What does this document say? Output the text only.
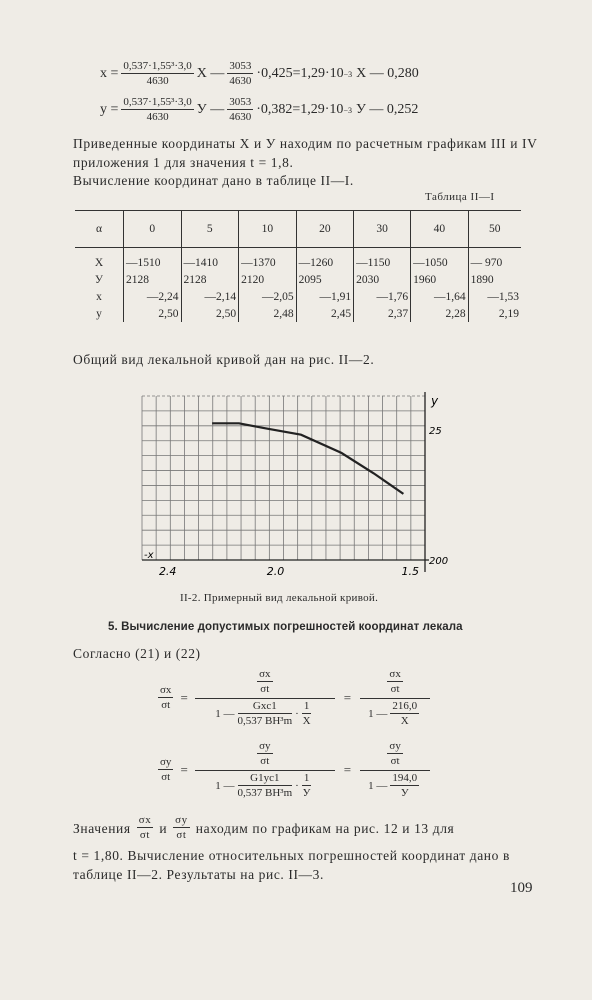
$x = \frac{\text{0,537·1,55³·3,0}}{4630}$ X — $\frac{3053}{4630} \cdot 0,425=1,29\cdot 10 -3$ X — 0,280
$y = \frac{\text{0,537·1,55³·3,0}}{4630}$ У — $\frac{3053}{4630} \cdot 0,382=1,29\cdot 10 -3$ У — 0,252
Приведенные координаты X и У находим по расчетным графикам III и IV приложения 1 для значения t = 1,8.
Вычисление координат дано в таблице II—I.
Таблица II—I
α	0	5	10	20	30	40	50

X	—1510	—1410	—1370	—1260	—1150	—1050	— 970
У	2128	2128	2120	2095	2030	1960	1890
x	—2,24	—2,14	—2,05	—1,91	—1,76	—1,64	—1,53
y	2,50	2,50	2,48	2,45	2,37	2,28	2,19
Общий вид лекальной кривой дан на рис. II—2.
y
-x
25
200
2.4	2.0	1.5
II-2. Примерный вид лекальной кривой.
5. Вычисление допустимых погрешностей координат лекала
Согласно (21) и (22)
$\frac{\sigma x}{\sigma t}$ =
$\frac{\sigma x}{\sigma t}$
1 — $\frac{\text{Gxc1}}{\text{0,537 BH³m}} \cdot \frac{1}{X}$
= $\frac{\frac{\sigma x}{\sigma t}}{1 — \frac{216,0}{X}}$
$\frac{\sigma y}{\sigma t}$ =
$\frac{\sigma y}{\sigma t}$
1 — $\frac{G1yc1}{\text{0,537 BH³m}} \cdot \frac{1}{У}$
= $\frac{\frac{\sigma y}{\sigma t}}{1 — \frac{194,0}{У}}$
Значения $\frac{\sigma x}{\sigma t}$ и $\frac{\sigma y}{\sigma t}$ находим по графикам на рис. 12 и 13 для
t = 1,80. Вычисление относительных погрешностей координат дано в таблице II—2. Результаты на рис. II—3.
109
